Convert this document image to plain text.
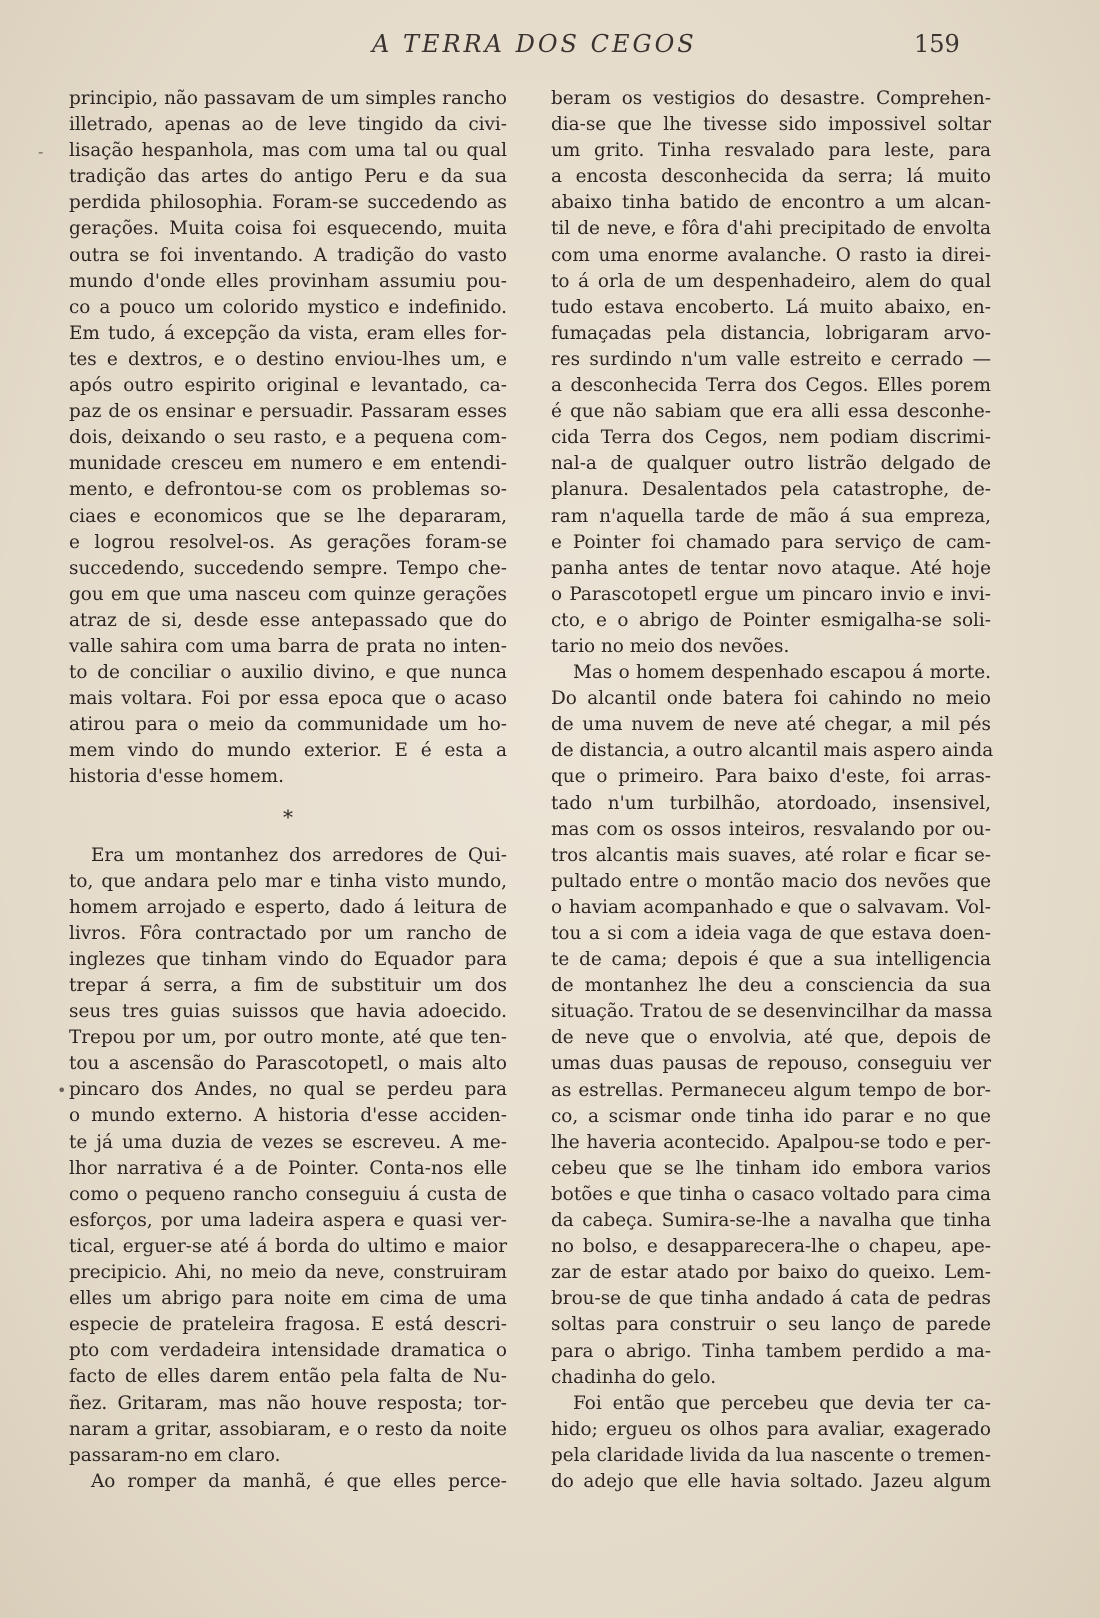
A TERRA DOS CEGOS	159
-
•
principio, não passavam de um simples rancho
illetrado, apenas ao de leve tingido da civi-
lisação hespanhola, mas com uma tal ou qual
tradição das artes do antigo Peru e da sua
perdida philosophia. Foram-se succedendo as
gerações. Muita coisa foi esquecendo, muita
outra se foi inventando. A tradição do vasto
mundo d'onde elles provinham assumiu pou-
co a pouco um colorido mystico e indefinido.
Em tudo, á excepção da vista, eram elles for-
tes e dextros, e o destino enviou-lhes um, e
após outro espirito original e levantado, ca-
paz de os ensinar e persuadir. Passaram esses
dois, deixando o seu rasto, e a pequena com-
munidade cresceu em numero e em entendi-
mento, e defrontou-se com os problemas so-
ciaes e economicos que se lhe depararam,
e logrou resolvel-os. As gerações foram-se
succedendo, succedendo sempre. Tempo che-
gou em que uma nasceu com quinze gerações
atraz de si, desde esse antepassado que do
valle sahira com uma barra de prata no inten-
to de conciliar o auxilio divino, e que nunca
mais voltara. Foi por essa epoca que o acaso
atirou para o meio da communidade um ho-
mem vindo do mundo exterior. E é esta a
historia d'esse homem.
*
Era um montanhez dos arredores de Qui-
to, que andara pelo mar e tinha visto mundo,
homem arrojado e esperto, dado á leitura de
livros. Fôra contractado por um rancho de
inglezes que tinham vindo do Equador para
trepar á serra, a fim de substituir um dos
seus tres guias suissos que havia adoecido.
Trepou por um, por outro monte, até que ten-
tou a ascensão do Parascotopetl, o mais alto
pincaro dos Andes, no qual se perdeu para
o mundo externo. A historia d'esse acciden-
te já uma duzia de vezes se escreveu. A me-
lhor narrativa é a de Pointer. Conta-nos elle
como o pequeno rancho conseguiu á custa de
esforços, por uma ladeira aspera e quasi ver-
tical, erguer-se até á borda do ultimo e maior
precipicio. Ahi, no meio da neve, construiram
elles um abrigo para noite em cima de uma
especie de prateleira fragosa. E está descri-
pto com verdadeira intensidade dramatica o
facto de elles darem então pela falta de Nu-
ñez. Gritaram, mas não houve resposta; tor-
naram a gritar, assobiaram, e o resto da noite
passaram-no em claro.
Ao romper da manhã, é que elles perce-
beram os vestigios do desastre. Comprehen-
dia-se que lhe tivesse sido impossivel soltar
um grito. Tinha resvalado para leste, para
a encosta desconhecida da serra; lá muito
abaixo tinha batido de encontro a um alcan-
til de neve, e fôra d'ahi precipitado de envolta
com uma enorme avalanche. O rasto ia direi-
to á orla de um despenhadeiro, alem do qual
tudo estava encoberto. Lá muito abaixo, en-
fumaçadas pela distancia, lobrigaram arvo-
res surdindo n'um valle estreito e cerrado —
a desconhecida Terra dos Cegos. Elles porem
é que não sabiam que era alli essa desconhe-
cida Terra dos Cegos, nem podiam discrimi-
nal-a de qualquer outro listrão delgado de
planura. Desalentados pela catastrophe, de-
ram n'aquella tarde de mão á sua empreza,
e Pointer foi chamado para serviço de cam-
panha antes de tentar novo ataque. Até hoje
o Parascotopetl ergue um pincaro invio e invi-
cto, e o abrigo de Pointer esmigalha-se soli-
tario no meio dos nevões.
Mas o homem despenhado escapou á morte.
Do alcantil onde batera foi cahindo no meio
de uma nuvem de neve até chegar, a mil pés
de distancia, a outro alcantil mais aspero ainda
que o primeiro. Para baixo d'este, foi arras-
tado n'um turbilhão, atordoado, insensivel,
mas com os ossos inteiros, resvalando por ou-
tros alcantis mais suaves, até rolar e ficar se-
pultado entre o montão macio dos nevões que
o haviam acompanhado e que o salvavam. Vol-
tou a si com a ideia vaga de que estava doen-
te de cama; depois é que a sua intelligencia
de montanhez lhe deu a consciencia da sua
situação. Tratou de se desenvincilhar da massa
de neve que o envolvia, até que, depois de
umas duas pausas de repouso, conseguiu ver
as estrellas. Permaneceu algum tempo de bor-
co, a scismar onde tinha ido parar e no que
lhe haveria acontecido. Apalpou-se todo e per-
cebeu que se lhe tinham ido embora varios
botões e que tinha o casaco voltado para cima
da cabeça. Sumira-se-lhe a navalha que tinha
no bolso, e desapparecera-lhe o chapeu, ape-
zar de estar atado por baixo do queixo. Lem-
brou-se de que tinha andado á cata de pedras
soltas para construir o seu lanço de parede
para o abrigo. Tinha tambem perdido a ma-
chadinha do gelo.
Foi então que percebeu que devia ter ca-
hido; ergueu os olhos para avaliar, exagerado
pela claridade livida da lua nascente o tremen-
do adejo que elle havia soltado. Jazeu algum
